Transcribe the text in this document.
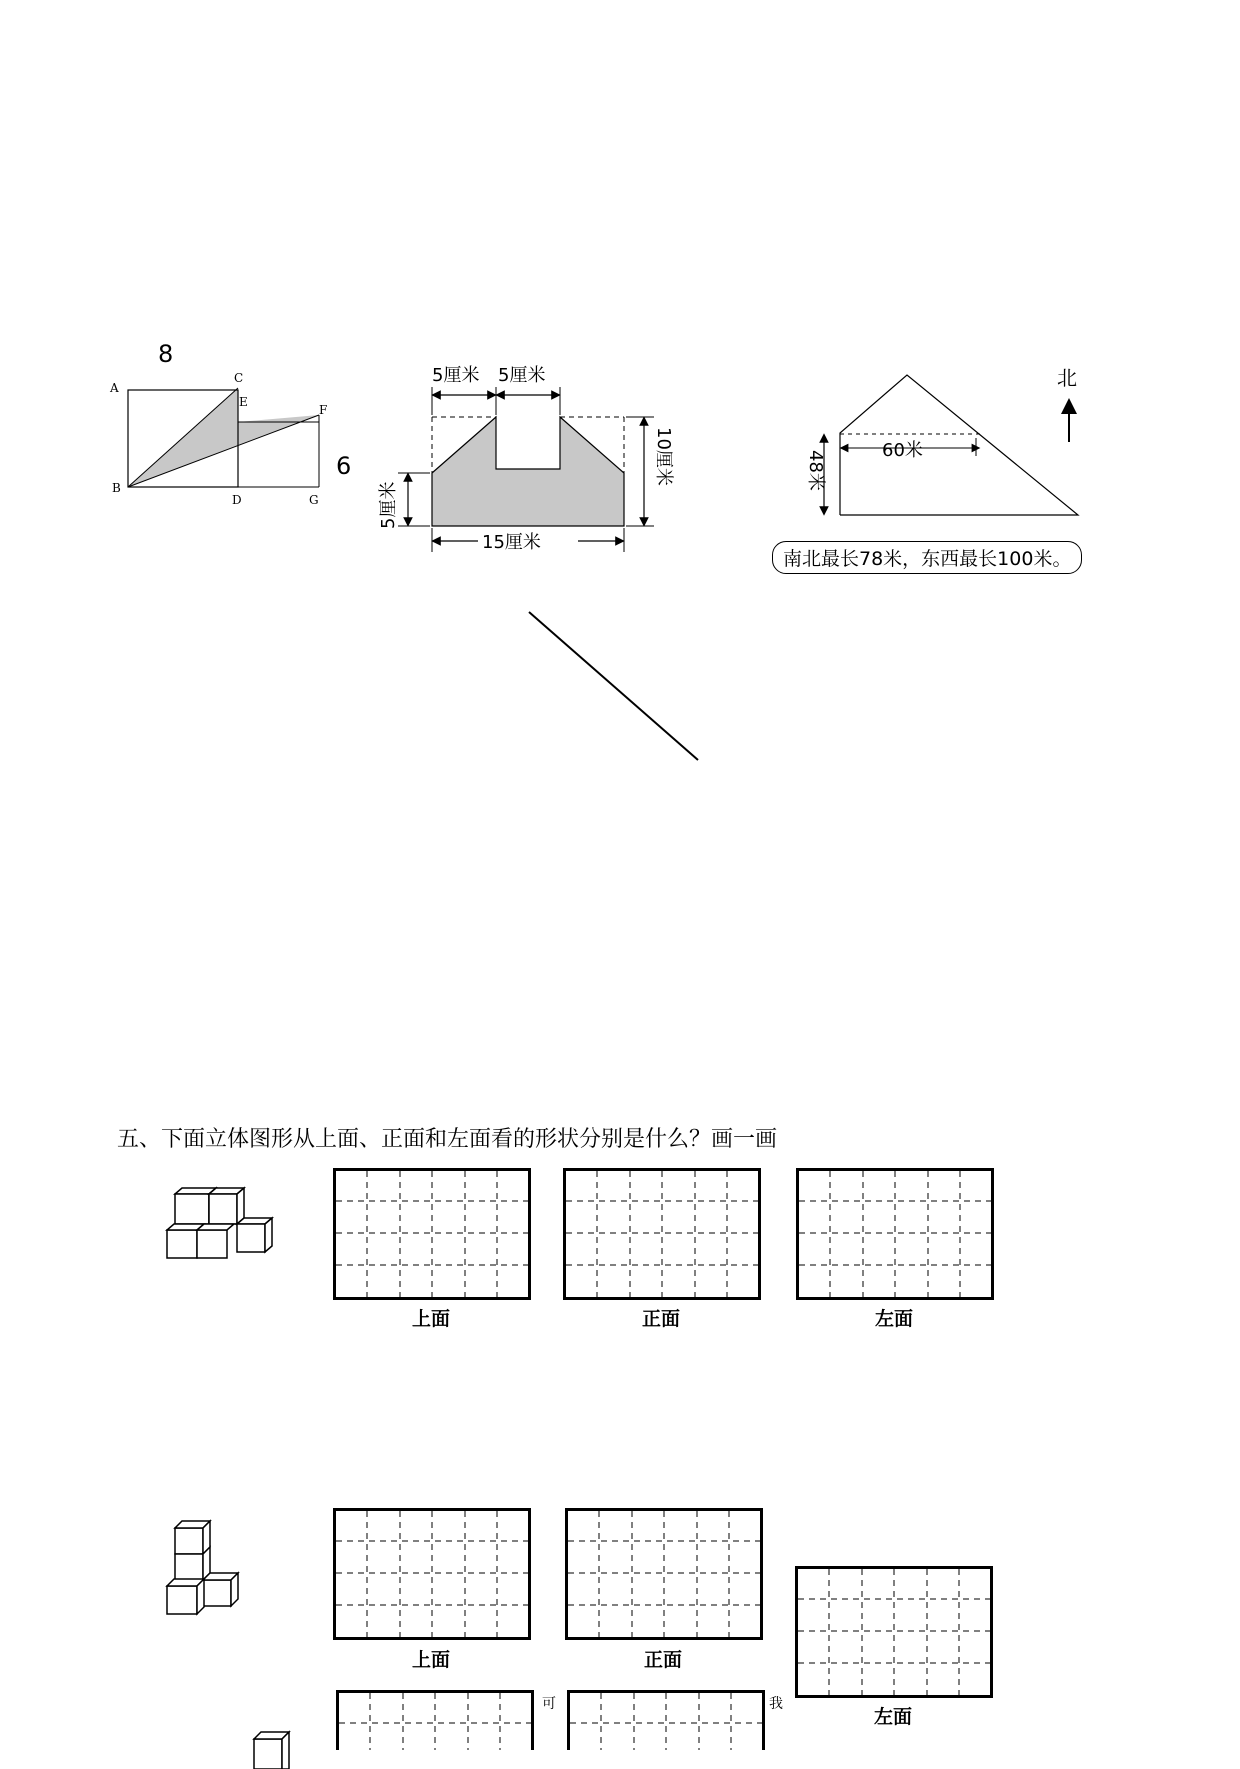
8
6
A
B
C
D
E
F
G
5厘米 5厘米
5厘米
10厘米
15厘米
60米
48米
北
南北最长78米，东西最长100米。
五、下面立体图形从上面、正面和左面看的形状分别是什么？画一画
上面	正面	左面
上面	正面
左面
可	我
